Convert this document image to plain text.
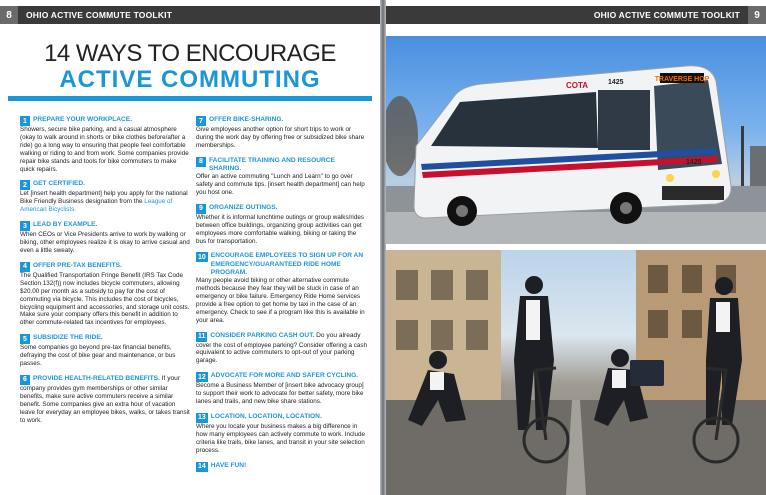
8	OHIO ACTIVE COMMUTE TOOLKIT
14 WAYS TO ENCOURAGE
ACTIVE COMMUTING
1 PREPARE YOUR WORKPLACE.
Showers, secure bike parking, and a casual atmosphere (okay to walk around in shorts or bike clothes before/after a ride) go a long way to ensuring that people feel comfortable walking or riding to and from work. Some companies provide repair bike stands and tools for bike commuters to make quick repairs.
2 GET CERTIFIED.
Let [insert health department] help you apply for the national Bike Friendly Business designation from the League of American Bicyclists.
3 LEAD BY EXAMPLE.
When CEOs or Vice Presidents arrive to work by walking or biking, other employees realize it is okay to arrive casual and even a little sweaty.
4 OFFER PRE-TAX BENEFITS.
The Qualified Transportation Fringe Benefit (IRS Tax Code Section 132(f)) now includes bicycle commuters, allowing $20.00 per month as a subsidy to pay for the cost of commuting via bicycle. This includes the cost of bicycles, bicycling equipment and accessories, and storage unit costs. Make sure your company offers this benefit in addition to other commute-related tax incentives for employees.
5 SUBSIDIZE THE RIDE.
Some companies go beyond pre-tax financial benefits, defraying the cost of bike gear and maintenance, or bus passes.
6 PROVIDE HEALTH-RELATED BENEFITS. If your
company provides gym memberships or other similar benefits, make sure active commuters receive a similar benefit. Some companies give an extra hour of vacation leave for everyday an employee bikes, walks, or takes transit to work.
7 OFFER BIKE-SHARING.
Give employees another option for short trips to work or during the work day by offering free or subsidized bike share memberships.
8 FACILITATE TRAINING AND RESOURCE SHARING.
Offer an active commuting "Lunch and Learn" to go over safety and commute tips. [insert health department] can help you host one.
9 ORGANIZE OUTINGS.
Whether it is informal lunchtime outings or group walks/rides between office buildings, organizing group activities can get employees more comfortable walking, biking or taking the bus for transportation.
10 ENCOURAGE EMPLOYEES TO SIGN UP FOR AN EMERGENCY/GUARANTEED RIDE HOME PROGRAM.
Many people avoid biking or other alternative commute methods because they fear they will be stuck in case of an emergency or bike failure. Emergency Ride Home services provide a free option to get home by taxi in the case of an emergency. Check to see if a program like this is available in your area.
11 CONSIDER PARKING CASH OUT. Do you already
cover the cost of employee parking? Consider offering a cash equivalent to active commuters to opt-out of your parking garage.
12 ADVOCATE FOR MORE AND SAFER CYCLING.
Become a Business Member of [insert bike advocacy group] to support their work to advocate for better safety, more bike lanes and trails, and new bike share stations.
13 LOCATION, LOCATION, LOCATION.
Where you locate your business makes a big difference in how many employees can actively commute to work. Include criteria like trails, bike lanes, and transit in your site selection process.
14 HAVE FUN!
OHIO ACTIVE COMMUTE TOOLKIT	9
TRAVERSE HOP
COTA	1425
1425
